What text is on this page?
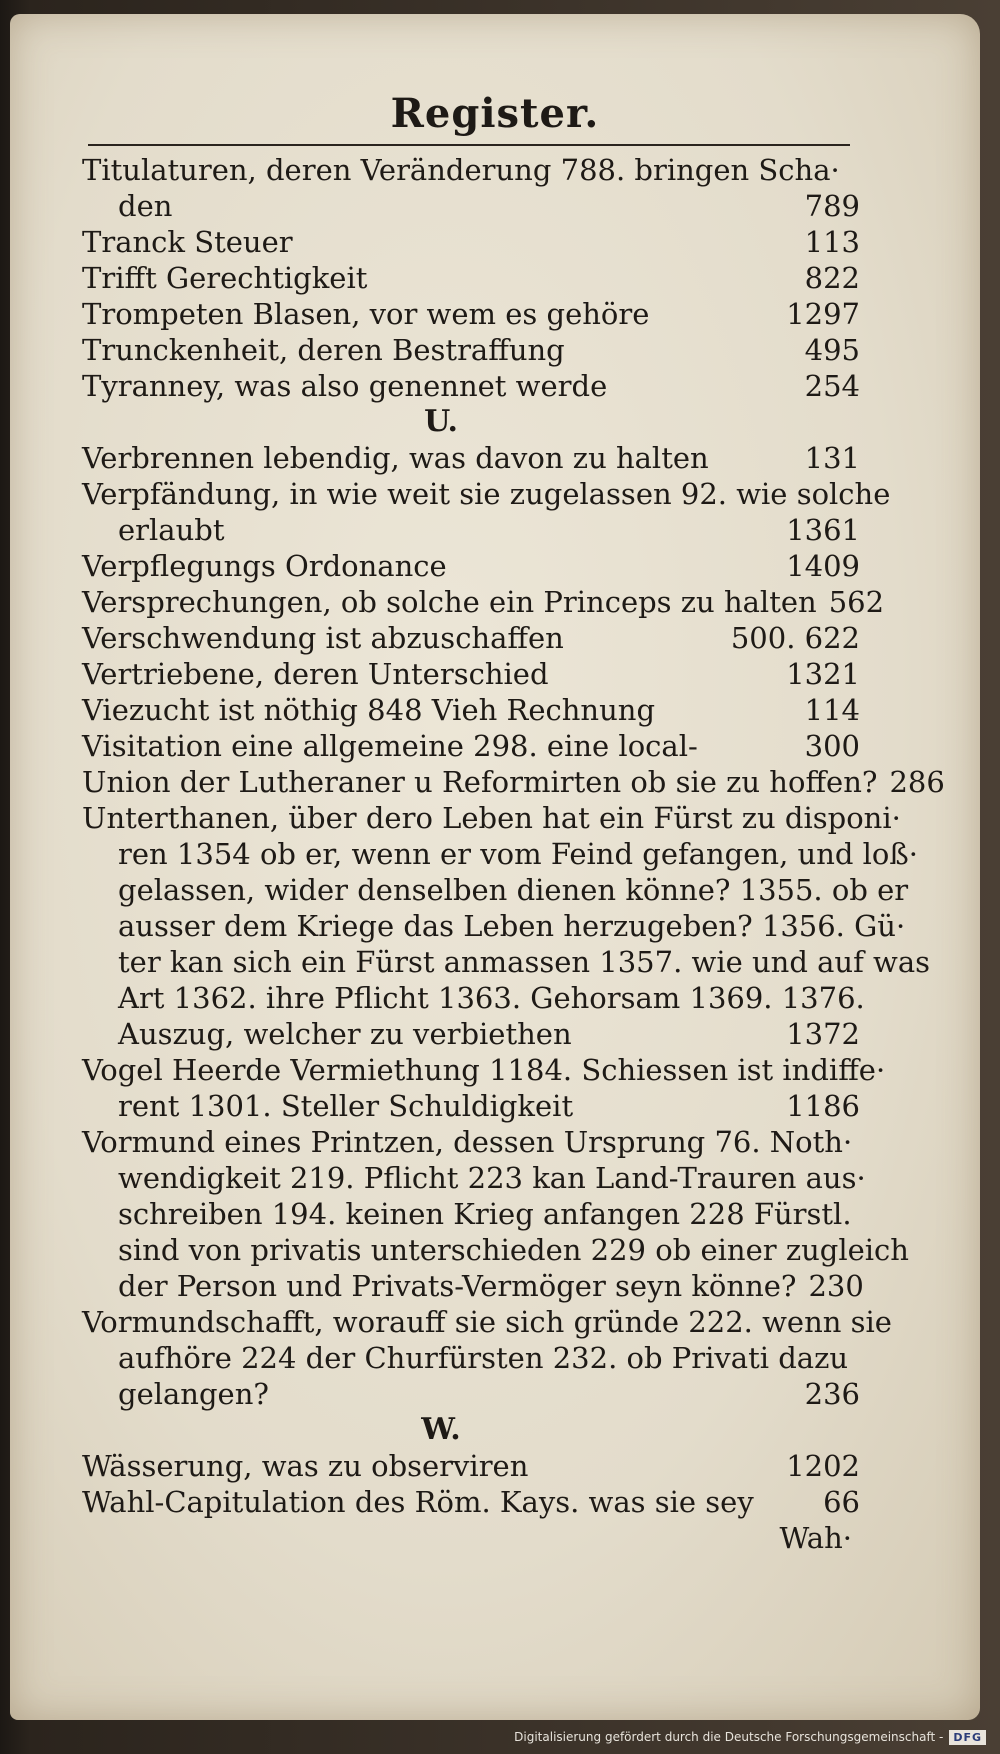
Register.
Titulaturen, deren Veränderung 788. bringen Scha·
den	789
Tranck Steuer	113
Trifft Gerechtigkeit	822
Trompeten Blasen, vor wem es gehöre	1297
Trunckenheit, deren Bestraffung	495
Tyranney, was also genennet werde	254
U.
Verbrennen lebendig, was davon zu halten	131
Verpfändung, in wie weit sie zugelassen 92. wie solche
erlaubt	1361
Verpflegungs Ordonance	1409
Versprechungen, ob solche ein Princeps zu halten 562
Verschwendung ist abzuschaffen	500. 622
Vertriebene, deren Unterschied	1321
Viezucht ist nöthig 848 Vieh Rechnung	114
Visitation eine allgemeine 298. eine local-	300
Union der Lutheraner u Reformirten ob sie zu hoffen? 286
Unterthanen, über dero Leben hat ein Fürst zu disponi·
ren 1354 ob er, wenn er vom Feind gefangen, und loß·
gelassen, wider denselben dienen könne? 1355. ob er
ausser dem Kriege das Leben herzugeben? 1356. Gü·
ter kan sich ein Fürst anmassen 1357. wie und auf was
Art 1362. ihre Pflicht 1363. Gehorsam 1369. 1376.
Auszug, welcher zu verbiethen	1372
Vogel Heerde Vermiethung 1184. Schiessen ist indiffe·
rent 1301. Steller Schuldigkeit	1186
Vormund eines Printzen, dessen Ursprung 76. Noth·
wendigkeit 219. Pflicht 223 kan Land-Trauren aus·
schreiben 194. keinen Krieg anfangen 228 Fürstl.
sind von privatis unterschieden 229 ob einer zugleich
der Person und Privats-Vermöger seyn könne? 230
Vormundschafft, worauff sie sich gründe 222. wenn sie
aufhöre 224 der Churfürsten 232. ob Privati dazu
gelangen?	236
W.
Wässerung, was zu observiren	1202
Wahl-Capitulation des Röm. Kays. was sie sey 66
Wah·
Digitalisierung gefördert durch die Deutsche Forschungsgemeinschaft - DFG
